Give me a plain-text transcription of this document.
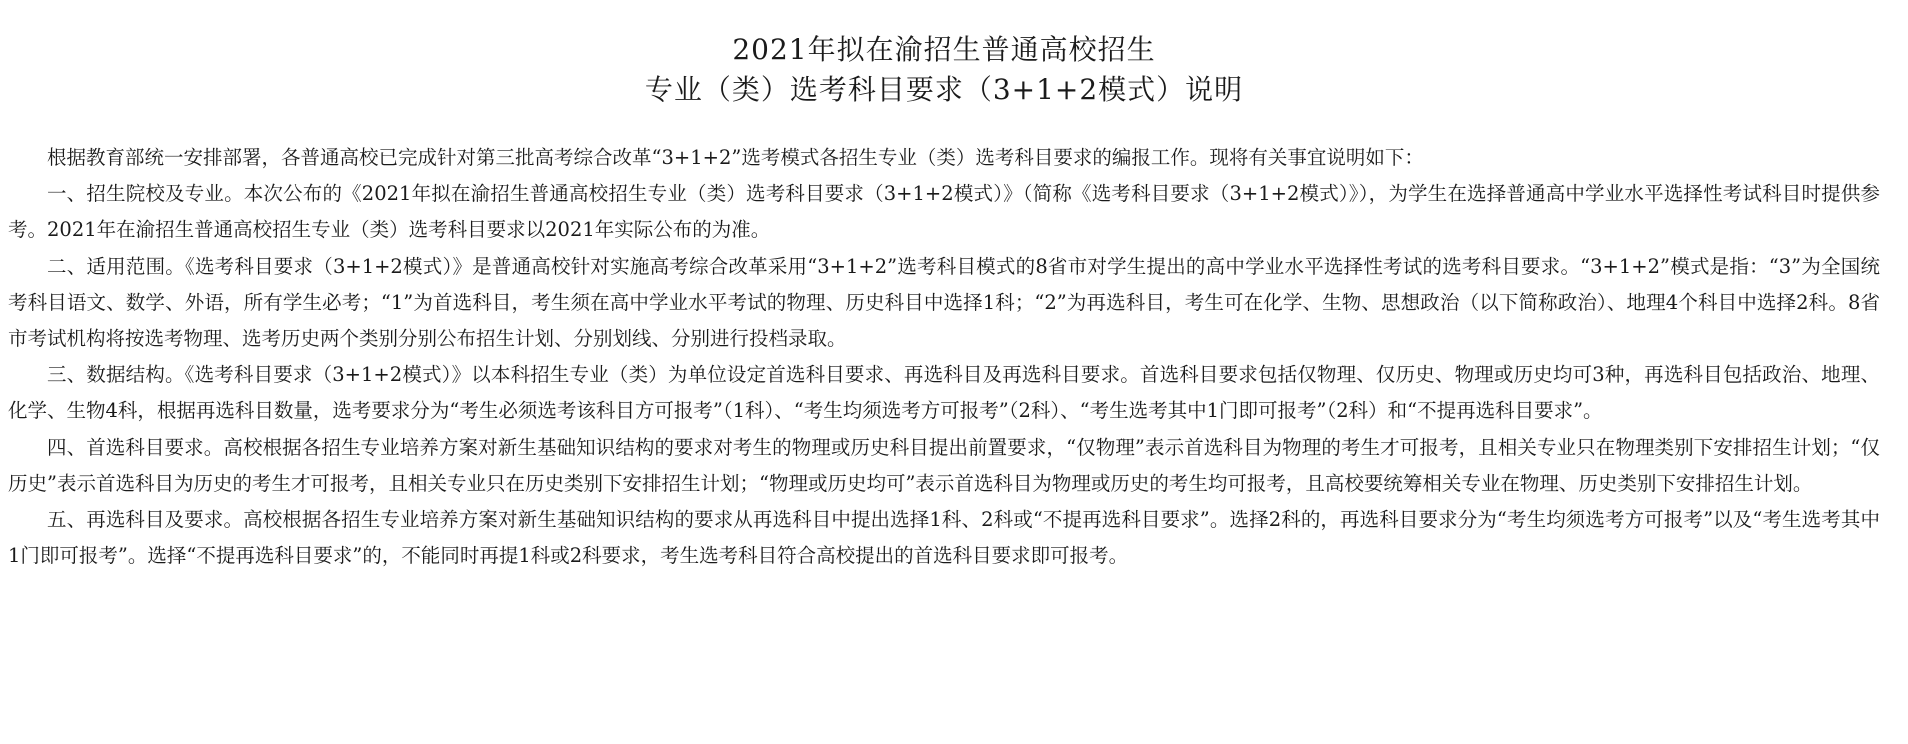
2021年拟在渝招生普通高校招生
专业（类）选考科目要求（3+1+2模式）说明

根据教育部统一安排部署，各普通高校已完成针对第三批高考综合改革“3+1+2”选考模式各招生专业（类）选考科目要求的编报工作。现将有关事宜说明如下：

一、招生院校及专业。本次公布的《2021年拟在渝招生普通高校招生专业（类）选考科目要求（3+1+2模式）》（简称《选考科目要求（3+1+2模式）》），为学生在选择普通高中学业水平选择性考试科目时提供参考。2021年在渝招生普通高校招生专业（类）选考科目要求以2021年实际公布的为准。

二、适用范围。《选考科目要求（3+1+2模式）》是普通高校针对实施高考综合改革采用“3+1+2”选考科目模式的8省市对学生提出的高中学业水平选择性考试的选考科目要求。“3+1+2”模式是指：“3”为全国统考科目语文、数学、外语，所有学生必考；“1”为首选科目，考生须在高中学业水平考试的物理、历史科目中选择1科；“2”为再选科目，考生可在化学、生物、思想政治（以下简称政治）、地理4个科目中选择2科。8省市考试机构将按选考物理、选考历史两个类别分别公布招生计划、分别划线、分别进行投档录取。

三、数据结构。《选考科目要求（3+1+2模式）》以本科招生专业（类）为单位设定首选科目要求、再选科目及再选科目要求。首选科目要求包括仅物理、仅历史、物理或历史均可3种，再选科目包括政治、地理、化学、生物4科，根据再选科目数量，选考要求分为“考生必须选考该科目方可报考”（1科）、“考生均须选考方可报考”（2科）、“考生选考其中1门即可报考”（2科）和“不提再选科目要求”。

四、首选科目要求。高校根据各招生专业培养方案对新生基础知识结构的要求对考生的物理或历史科目提出前置要求，“仅物理”表示首选科目为物理的考生才可报考，且相关专业只在物理类别下安排招生计划；“仅历史”表示首选科目为历史的考生才可报考，且相关专业只在历史类别下安排招生计划；“物理或历史均可”表示首选科目为物理或历史的考生均可报考，且高校要统筹相关专业在物理、历史类别下安排招生计划。

五、再选科目及要求。高校根据各招生专业培养方案对新生基础知识结构的要求从再选科目中提出选择1科、2科或“不提再选科目要求”。选择2科的，再选科目要求分为“考生均须选考方可报考”以及“考生选考其中1门即可报考”。选择“不提再选科目要求”的，不能同时再提1科或2科要求，考生选考科目符合高校提出的首选科目要求即可报考。
